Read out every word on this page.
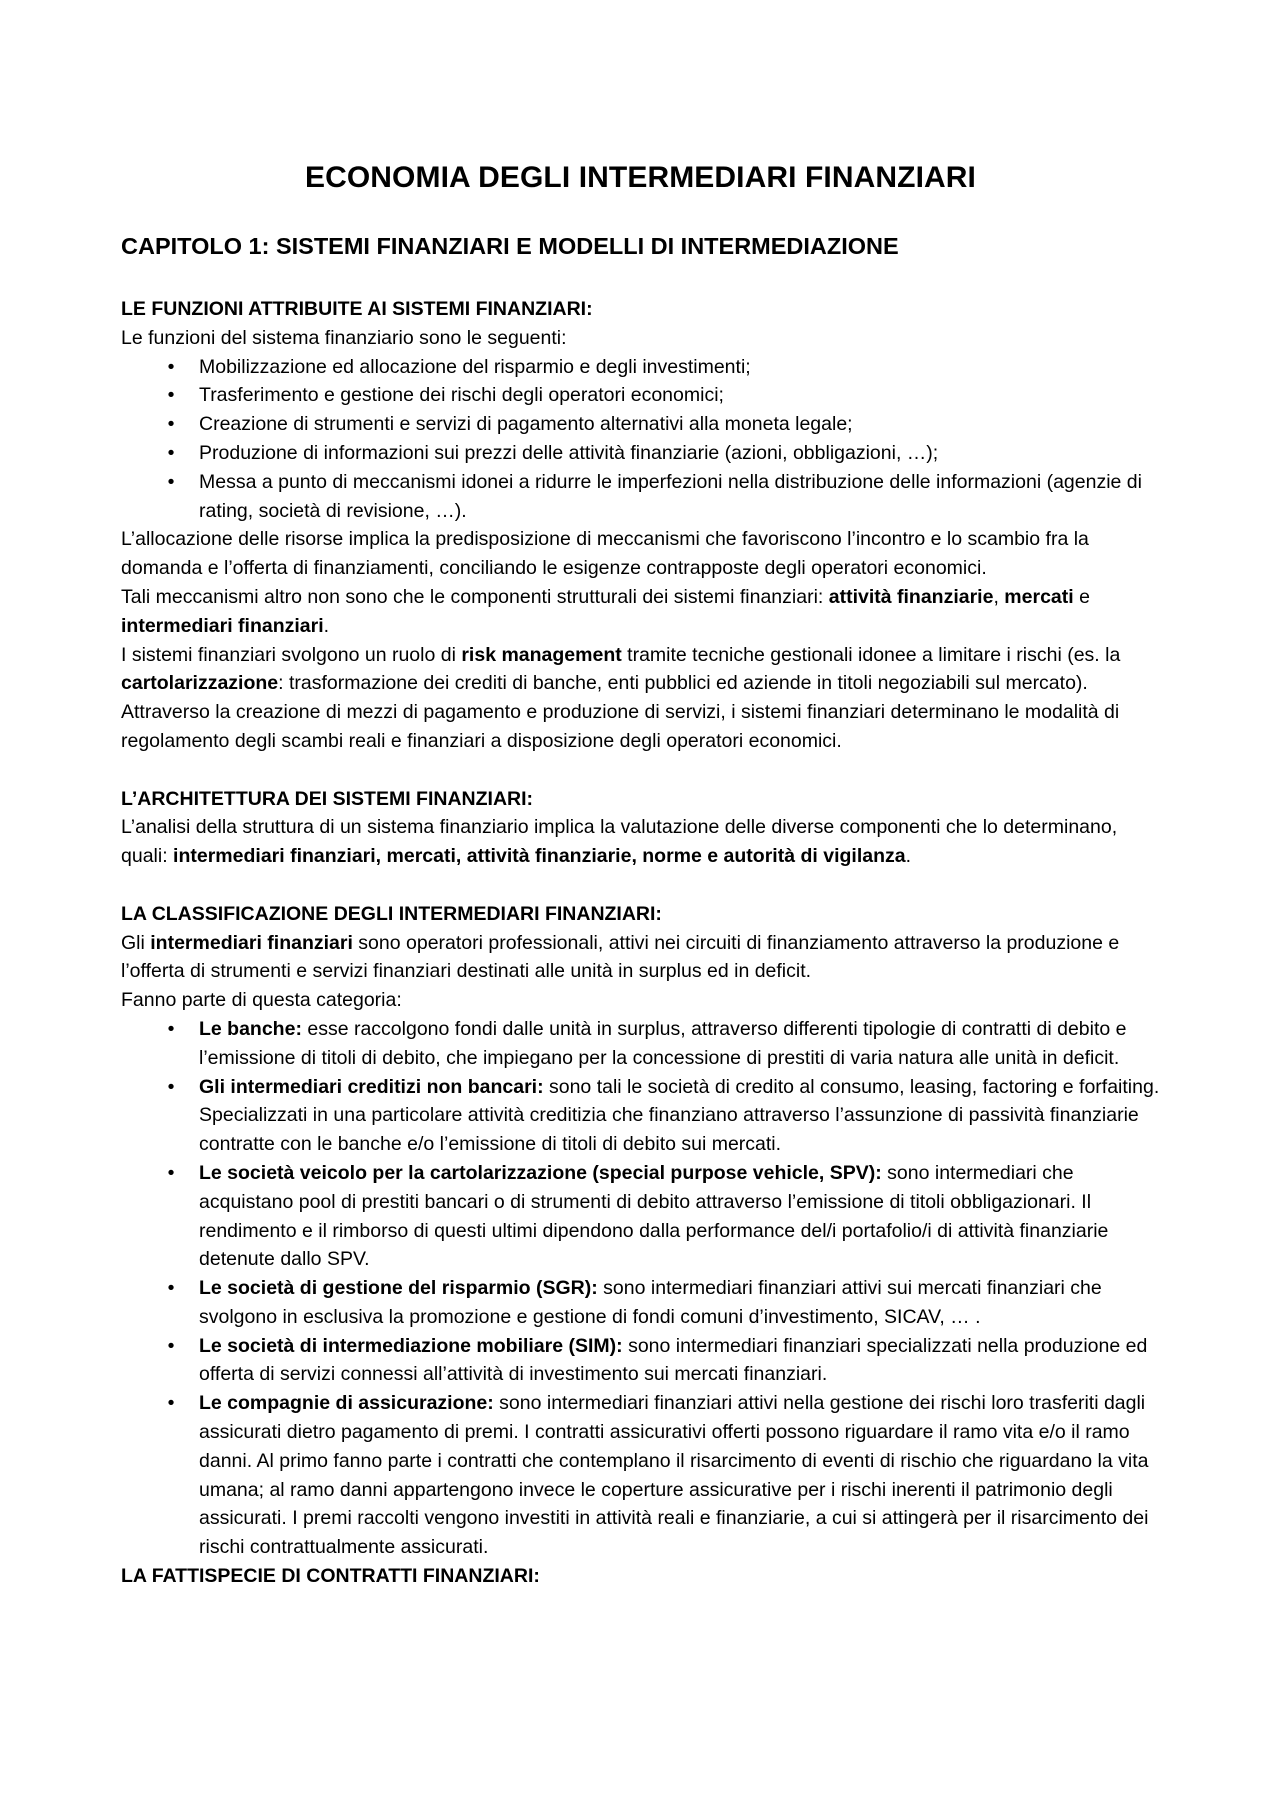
ECONOMIA DEGLI INTERMEDIARI FINANZIARI
CAPITOLO 1: SISTEMI FINANZIARI E MODELLI DI INTERMEDIAZIONE

LE FUNZIONI ATTRIBUITE AI SISTEMI FINANZIARI:

Le funzioni del sistema finanziario sono le seguenti:

•	Mobilizzazione ed allocazione del risparmio e degli investimenti;
•	Trasferimento e gestione dei rischi degli operatori economici;
•	Creazione di strumenti e servizi di pagamento alternativi alla moneta legale;
•	Produzione di informazioni sui prezzi delle attività finanziarie (azioni, obbligazioni, …);
•	Messa a punto di meccanismi idonei a ridurre le imperfezioni nella distribuzione delle informazioni (agenzie di rating, società di revisione, …).

L’allocazione delle risorse implica la predisposizione di meccanismi che favoriscono l’incontro e lo scambio fra la domanda e l’offerta di finanziamenti, conciliando le esigenze contrapposte degli operatori economici.

Tali meccanismi altro non sono che le componenti strutturali dei sistemi finanziari: attività finanziarie, mercati e intermediari finanziari.

I sistemi finanziari svolgono un ruolo di risk management tramite tecniche gestionali idonee a limitare i rischi (es. la cartolarizzazione: trasformazione dei crediti di banche, enti pubblici ed aziende in titoli negoziabili sul mercato).

Attraverso la creazione di mezzi di pagamento e produzione di servizi, i sistemi finanziari determinano le modalità di regolamento degli scambi reali e finanziari a disposizione degli operatori economici.

L’ARCHITETTURA DEI SISTEMI FINANZIARI:

L’analisi della struttura di un sistema finanziario implica la valutazione delle diverse componenti che lo determinano, quali: intermediari finanziari, mercati, attività finanziarie, norme e autorità di vigilanza.

LA CLASSIFICAZIONE DEGLI INTERMEDIARI FINANZIARI:

Gli intermediari finanziari sono operatori professionali, attivi nei circuiti di finanziamento attraverso la produzione e l’offerta di strumenti e servizi finanziari destinati alle unità in surplus ed in deficit.

Fanno parte di questa categoria:

•	Le banche: esse raccolgono fondi dalle unità in surplus, attraverso differenti tipologie di contratti di debito e l’emissione di titoli di debito, che impiegano per la concessione di prestiti di varia natura alle unità in deficit.
•	Gli intermediari creditizi non bancari: sono tali le società di credito al consumo, leasing, factoring e forfaiting. Specializzati in una particolare attività creditizia che finanziano attraverso l’assunzione di passività finanziarie contratte con le banche e/o l’emissione di titoli di debito sui mercati.
•	Le società veicolo per la cartolarizzazione (special purpose vehicle, SPV): sono intermediari che acquistano pool di prestiti bancari o di strumenti di debito attraverso l’emissione di titoli obbligazionari. Il rendimento e il rimborso di questi ultimi dipendono dalla performance del/i portafolio/i di attività finanziarie detenute dallo SPV.
•	Le società di gestione del risparmio (SGR): sono intermediari finanziari attivi sui mercati finanziari che svolgono in esclusiva la promozione e gestione di fondi comuni d’investimento, SICAV, … .
•	Le società di intermediazione mobiliare (SIM): sono intermediari finanziari specializzati nella produzione ed offerta di servizi connessi all’attività di investimento sui mercati finanziari.
•	Le compagnie di assicurazione: sono intermediari finanziari attivi nella gestione dei rischi loro trasferiti dagli assicurati dietro pagamento di premi. I contratti assicurativi offerti possono riguardare il ramo vita e/o il ramo danni. Al primo fanno parte i contratti che contemplano il risarcimento di eventi di rischio che riguardano la vita umana; al ramo danni appartengono invece le coperture assicurative per i rischi inerenti il patrimonio degli assicurati. I premi raccolti vengono investiti in attività reali e finanziarie, a cui si attingerà per il risarcimento dei rischi contrattualmente assicurati.

LA FATTISPECIE DI CONTRATTI FINANZIARI:
